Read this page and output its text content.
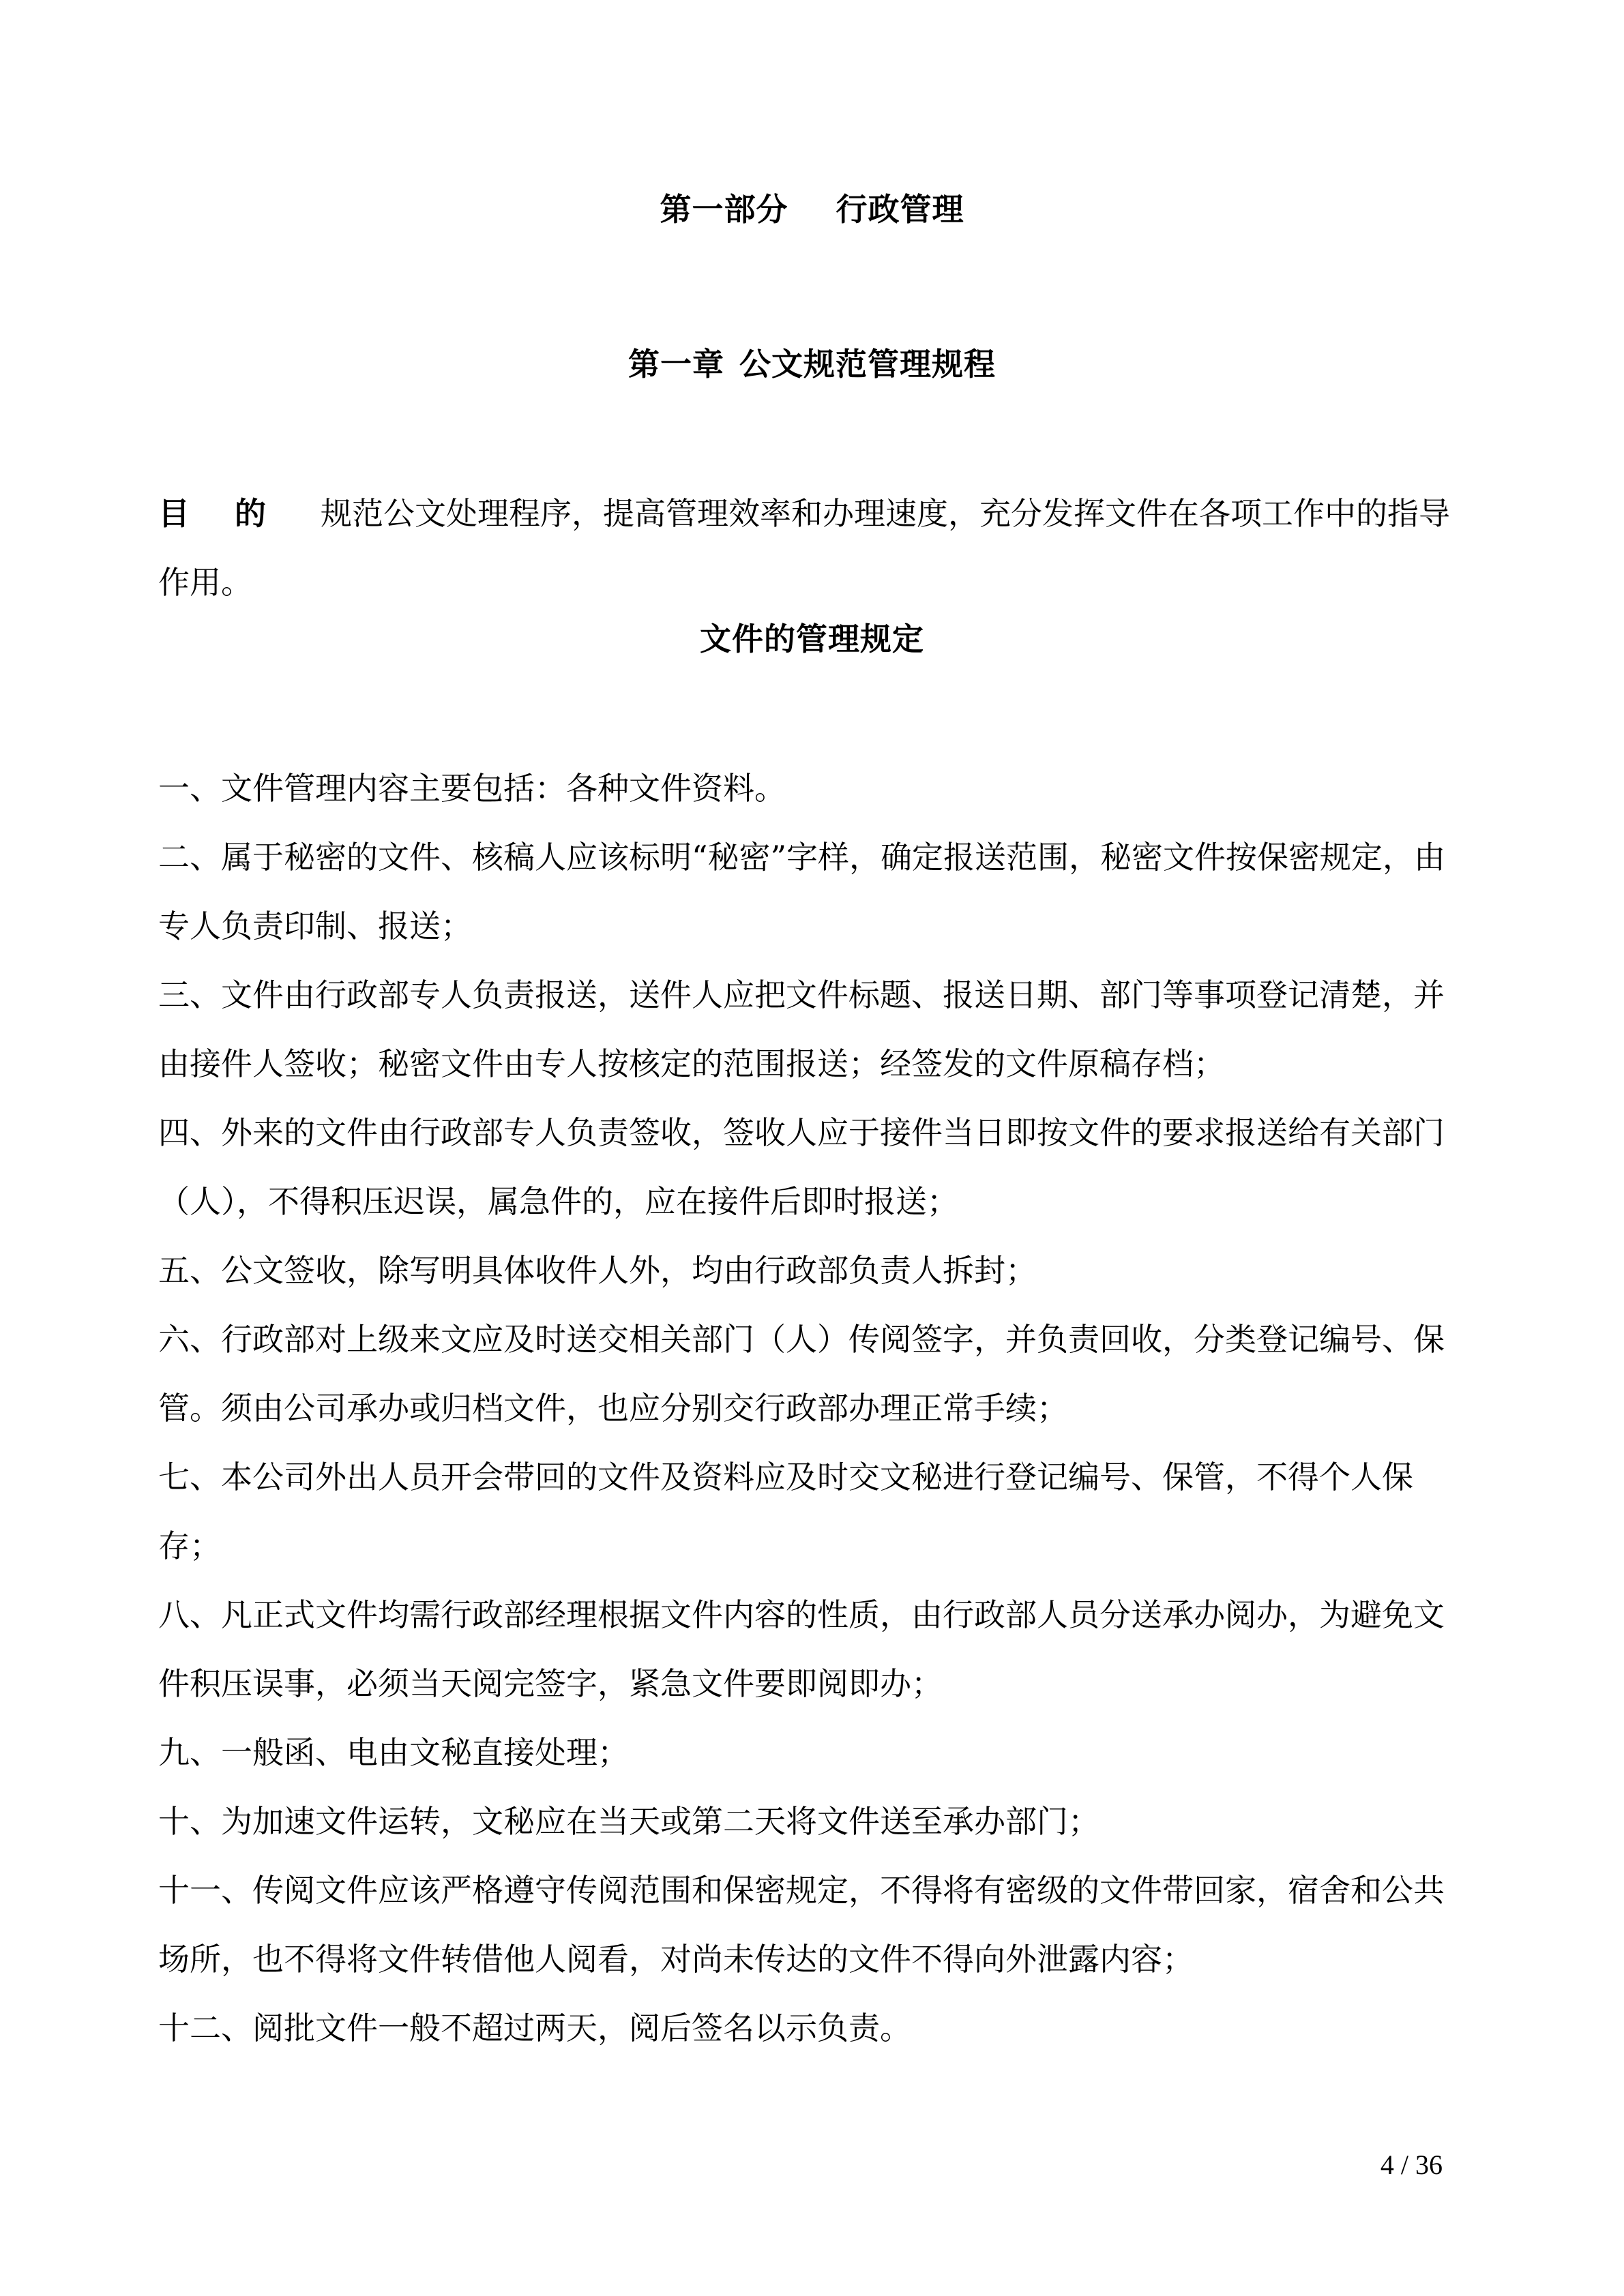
第一部分 行政管理
第一章 公文规范管理规程
目 的 规范公文处理程序，提高管理效率和办理速度，充分发挥文件在各项工作中的指导作用。
文件的管理规定

一、文件管理内容主要包括：各种文件资料。

二、属于秘密的文件、核稿人应该标明“秘密”字样，确定报送范围，秘密文件按保密规定，由专人负责印制、报送；

三、文件由行政部专人负责报送，送件人应把文件标题、报送日期、部门等事项登记清楚，并由接件人签收；秘密文件由专人按核定的范围报送；经签发的文件原稿存档；

四、外来的文件由行政部专人负责签收，签收人应于接件当日即按文件的要求报送给有关部门（人），不得积压迟误，属急件的，应在接件后即时报送；

五、公文签收，除写明具体收件人外，均由行政部负责人拆封；

六、行政部对上级来文应及时送交相关部门（人）传阅签字，并负责回收，分类登记编号、保管。须由公司承办或归档文件，也应分别交行政部办理正常手续；

七、本公司外出人员开会带回的文件及资料应及时交文秘进行登记编号、保管，不得个人保存；

八、凡正式文件均需行政部经理根据文件内容的性质，由行政部人员分送承办阅办，为避免文件积压误事，必须当天阅完签字，紧急文件要即阅即办；

九、一般函、电由文秘直接处理；

十、为加速文件运转，文秘应在当天或第二天将文件送至承办部门；

十一、传阅文件应该严格遵守传阅范围和保密规定，不得将有密级的文件带回家，宿舍和公共场所，也不得将文件转借他人阅看，对尚未传达的文件不得向外泄露内容；

十二、阅批文件一般不超过两天，阅后签名以示负责。

4 / 36
